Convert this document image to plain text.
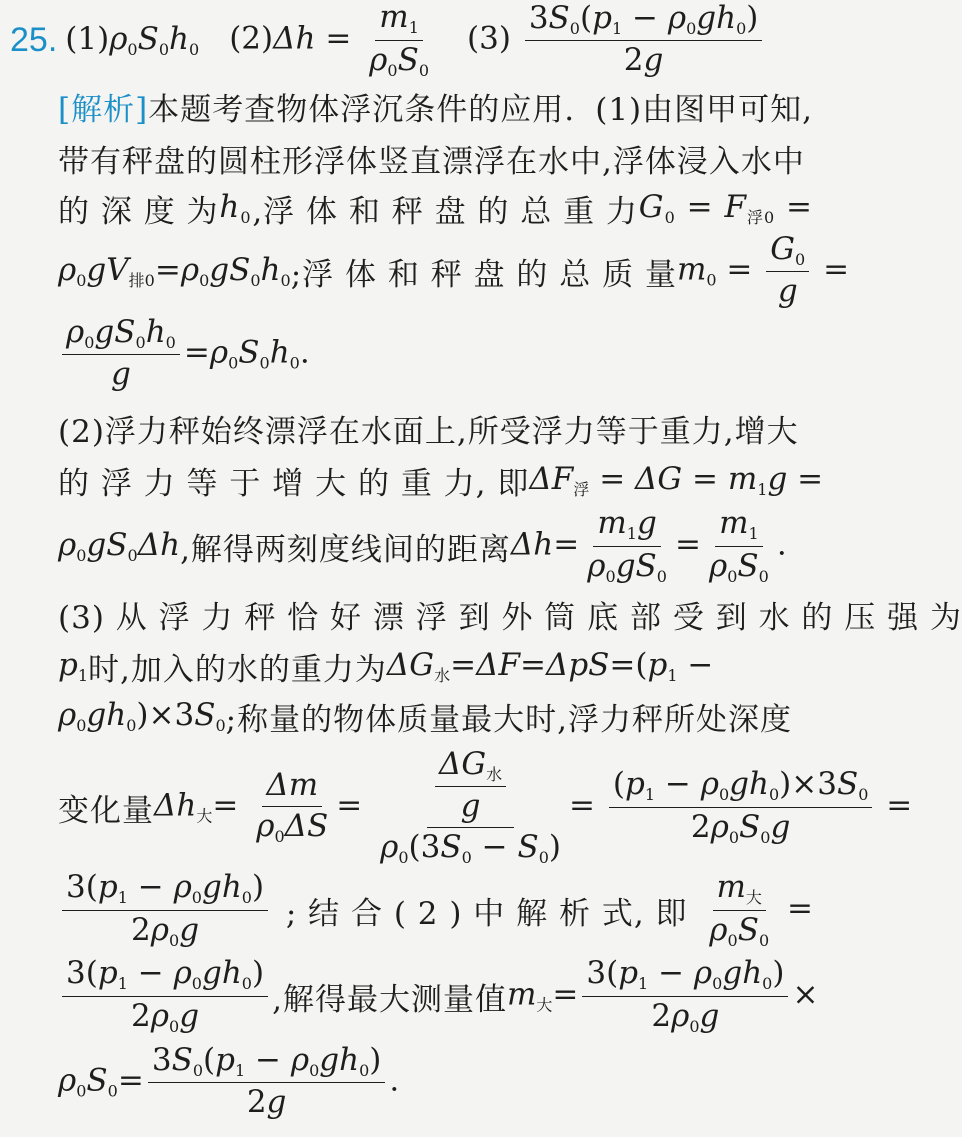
25. $(1)\rho_0S_0h_0$ $(2)\Delta h = \frac{m_1}{\rho_0S_0} (3) \frac{3S_0(p_1 - \rho_0gh_0)}{2g}$
[解析]本题考查物体浮沉条件的应用. (1)由图甲可知,
带有秤盘的圆柱形浮体竖直漂浮在水中,浮体浸入水中
的 深 度 为 $h_0$ ,浮 体 和 秤 盘 的 总 重 力 $G_0 = F_{浮0}$ =
$\rho_0gV_{排0}=\rho_0gS_0h_0$ ;浮 体 和 秤 盘 的 总 质 量 $m_0 = \frac{G_0}{g}$ =
$\frac{\rho_0gS_0h_0}{g} =\rho_0S_0h_0$.
(2)浮力秤始终漂浮在水面上,所受浮力等于重力,增大
的 浮 力 等 于 增 大 的 重 力, 即 $\Delta F_浮 = \Delta G = m_1g$ =
$\rho_0gS_0\Delta h$ ,解得两刻度线间的距离 $\Delta h= \frac{m_1g}{\rho_0gS_0} = \frac{m_1}{\rho_0S_0}$ .
(3) 从 浮 力 秤 恰 好 漂 浮 到 外 筒 底 部 受 到 水 的 压 强 为
$p_1$ 时,加入的水的重力为 $\Delta G_水=\Delta F=\Delta pS=(p_1$ −
$\rho_0gh_0)\times 3S_0$ ;称量的物体质量最大时,浮力秤所处深度
变化量 $\Delta h_大= \frac{\Delta m}{\rho_0\Delta S} = \frac{\frac{\Delta G_水}{g}}{\rho_0(3S_0 - S_0)} = \frac{(p_1 - \rho_0gh_0)\times 3S_0}{2\rho_0S_0g}$ =
$\frac{3(p_1 - \rho_0gh_0)}{2\rho_0g}$ ; 结 合 ( 2 ) 中 解 析 式, 即 $\frac{m_大}{\rho_0S_0}$ =
$\frac{3(p_1 - \rho_0gh_0)}{2\rho_0g}$ ,解得最大测量值 $m_大= \frac{3(p_1 - \rho_0gh_0)}{2\rho_0g}$ ×
$\rho_0S_0= \frac{3S_0(p_1 - \rho_0gh_0)}{2g}$ .
